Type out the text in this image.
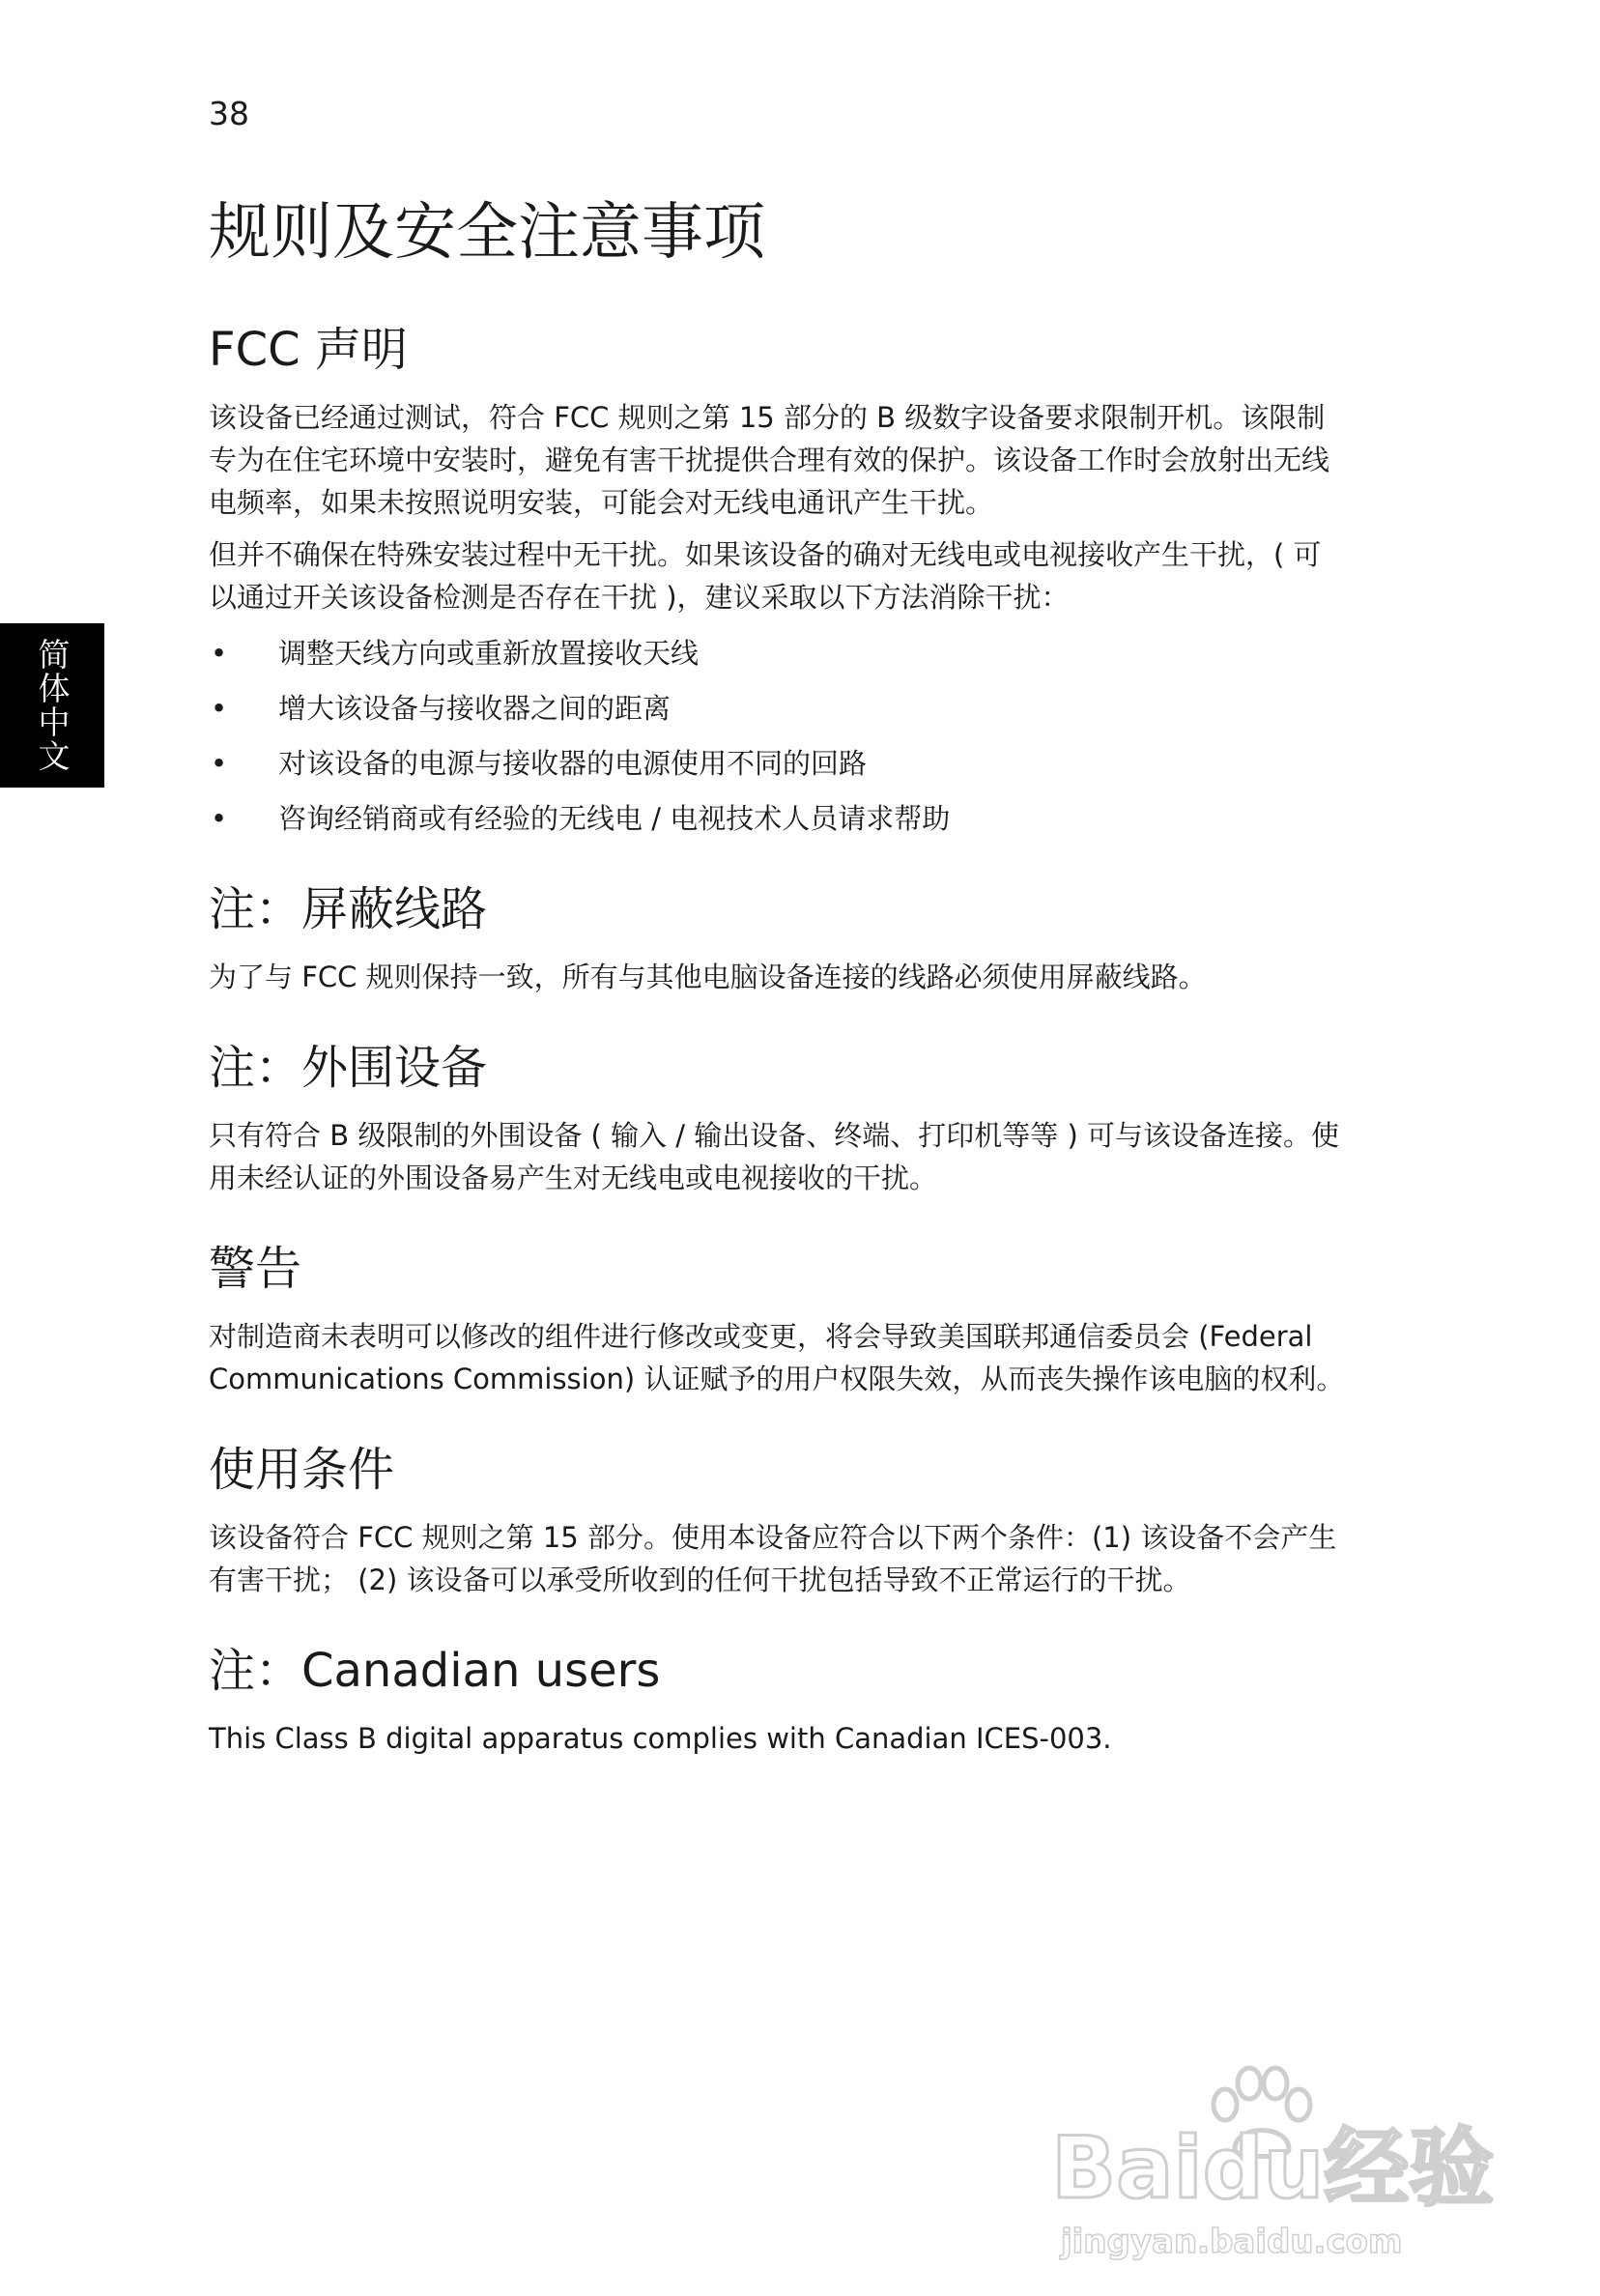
38
简体中文
规则及安全注意事项
FCC 声明

该设备已经通过测试，符合 FCC 规则之第 15 部分的 B 级数字设备要求限制开机。该限制专为在住宅环境中安装时，避免有害干扰提供合理有效的保护。该设备工作时会放射出无线电频率，如果未按照说明安装，可能会对无线电通讯产生干扰。

但并不确保在特殊安装过程中无干扰。如果该设备的确对无线电或电视接收产生干扰，( 可以通过开关该设备检测是否存在干扰 )，建议采取以下方法消除干扰：

• 调整天线方向或重新放置接收天线
• 增大该设备与接收器之间的距离
• 对该设备的电源与接收器的电源使用不同的回路
• 咨询经销商或有经验的无线电 / 电视技术人员请求帮助
注：屏蔽线路

为了与 FCC 规则保持一致，所有与其他电脑设备连接的线路必须使用屏蔽线路。

注：外围设备

只有符合 B 级限制的外围设备 ( 输入 / 输出设备、终端、打印机等等 ) 可与该设备连接。使用未经认证的外围设备易产生对无线电或电视接收的干扰。

警告

对制造商未表明可以修改的组件进行修改或变更，将会导致美国联邦通信委员会 (Federal Communications Commission) 认证赋予的用户权限失效，从而丧失操作该电脑的权利。

使用条件

该设备符合 FCC 规则之第 15 部分。使用本设备应符合以下两个条件：(1) 该设备不会产生有害干扰； (2) 该设备可以承受所收到的任何干扰包括导致不正常运行的干扰。

注：Canadian users

This Class B digital apparatus complies with Canadian ICES-003.

Baidu经验
jingyan.baidu.com
